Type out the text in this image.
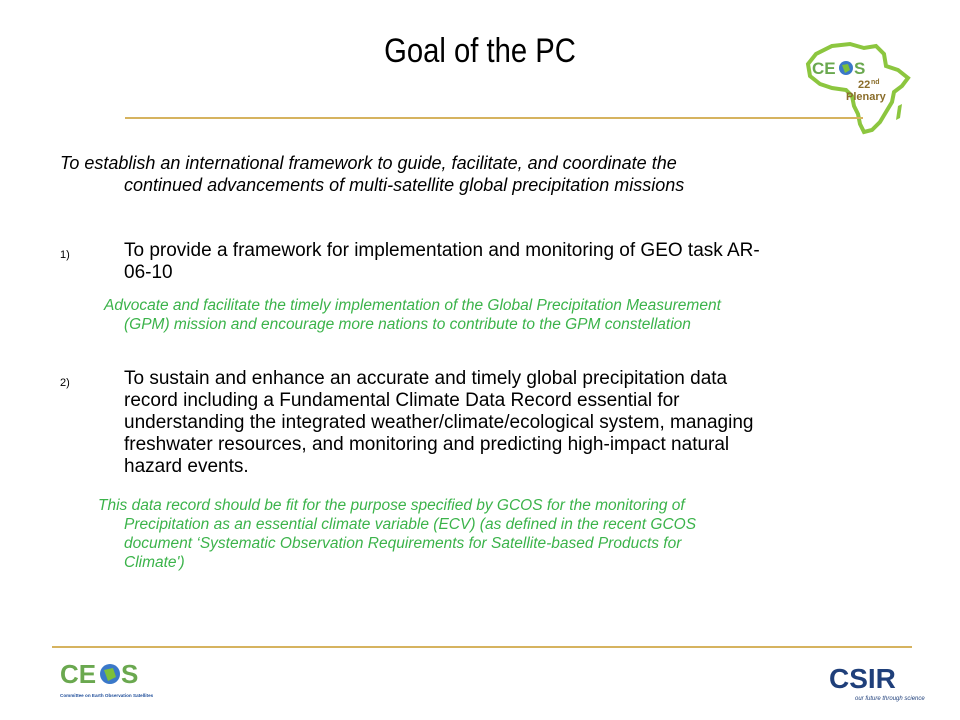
Goal of the PC	CE S
22 nd
Plenary
To establish an international framework to guide, facilitate, and coordinate the
continued advancements of multi-satellite global precipitation missions
1)	To provide a framework for implementation and monitoring of GEO task AR-
06-10
Advocate and facilitate the timely implementation of the Global Precipitation Measurement
(GPM) mission and encourage more nations to contribute to the GPM constellation
2)	To sustain and enhance an accurate and timely global precipitation data
record including a Fundamental Climate Data Record essential for
understanding the integrated weather/climate/ecological system, managing
freshwater resources, and monitoring and predicting high-impact natural
hazard events.
This data record should be fit for the purpose specified by GCOS for the monitoring of
Precipitation as an essential climate variable (ECV) (as defined in the recent GCOS
document ‘Systematic Observation Requirements for Satellite-based Products for
Climate')
CE S
Committee on Earth Observation Satellites
CSIR
our future through science
